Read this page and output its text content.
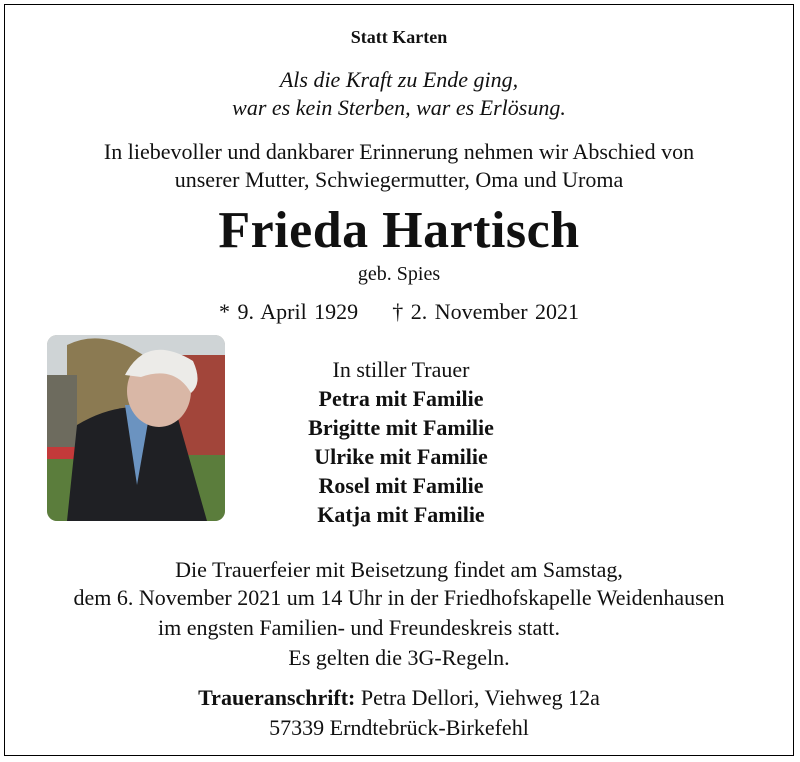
Statt Karten
Als die Kraft zu Ende ging,
war es kein Sterben, war es Erlösung.
In liebevoller und dankbarer Erinnerung nehmen wir Abschied von
unserer Mutter, Schwiegermutter, Oma und Uroma
Frieda Hartisch
geb. Spies
* 9. April 1929 † 2. November 2021
In stiller Trauer
Petra mit Familie
Brigitte mit Familie
Ulrike mit Familie
Rosel mit Familie
Katja mit Familie
Die Trauerfeier mit Beisetzung findet am Samstag,
dem 6. November 2021 um 14 Uhr in der Friedhofskapelle Weidenhausen
im engsten Familien- und Freundeskreis statt.
Es gelten die 3G-Regeln.
Traueranschrift: Petra Dellori, Viehweg 12a
57339 Erndtebrück-Birkefehl
